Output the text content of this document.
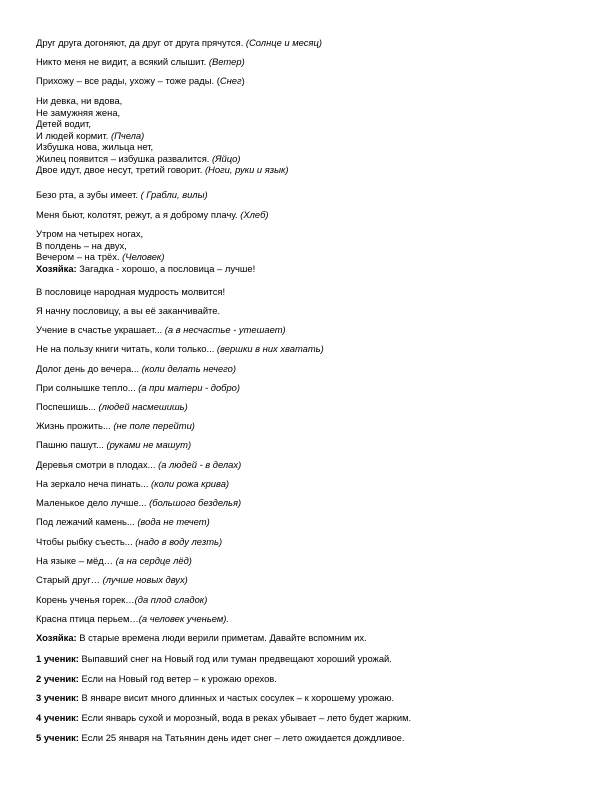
Друг друга догоняют, да друг от друга прячутся. (Солнце и месяц)
Никто меня не видит, а всякий слышит. (Ветер)
Прихожу – все рады, ухожу – тоже рады. (Снег)
Ни девка, ни вдова,
Не замужняя жена,
Детей водит,
И людей кормит. (Пчела)
Избушка нова, жильца нет,
Жилец появится – избушка развалится. (Яйцо)
Двое идут, двое несут, третий говорит. (Ноги, руки и язык)
Безо рта, а зубы имеет. ( Грабли, вилы)
Меня бьют, колотят, режут, а я доброму плачу. (Хлеб)
Утром на четырех ногах,
В полдень – на двух,
Вечером – на трёх. (Человек)
Хозяйка: Загадка - хорошо, а пословица – лучше!
В пословице народная мудрость молвится!
Я начну пословицу, а вы её заканчивайте.
Учение в счастье украшает... (а в несчастье - утешает)
Не на пользу книги читать, коли только... (вершки в них хватать)
Долог день до вечера... (коли делать нечего)
При солнышке тепло... (а при матери - добро)
Поспешишь... (людей насмешишь)
Жизнь прожить... (не поле перейти)
Пашню пашут... (руками не машут)
Деревья смотри в плодах... (а людей - в делах)
На зеркало неча пинать... (коли рожа крива)
Маленькое дело лучше... (большого безделья)
Под лежачий камень... (вода не течет)
Чтобы рыбку съесть... (надо в воду лезть)
На языке – мёд… (а на сердце лёд)
Старый друг… (лучше новых двух)
Корень ученья горек…(да плод сладок)
Красна птица перьем…(а человек ученьем).
Хозяйка: В старые времена люди верили приметам. Давайте вспомним их.
1 ученик: Выпавший снег на Новый год или туман предвещают хороший урожай.
2 ученик: Если на Новый год ветер – к урожаю орехов.
3 ученик: В январе висит много длинных и частых сосулек – к хорошему урожаю.
4 ученик: Если январь сухой и морозный, вода в реках убывает – лето будет жарким.
5 ученик: Если 25 января на Татьянин день идет снег – лето ожидается дождливое.
